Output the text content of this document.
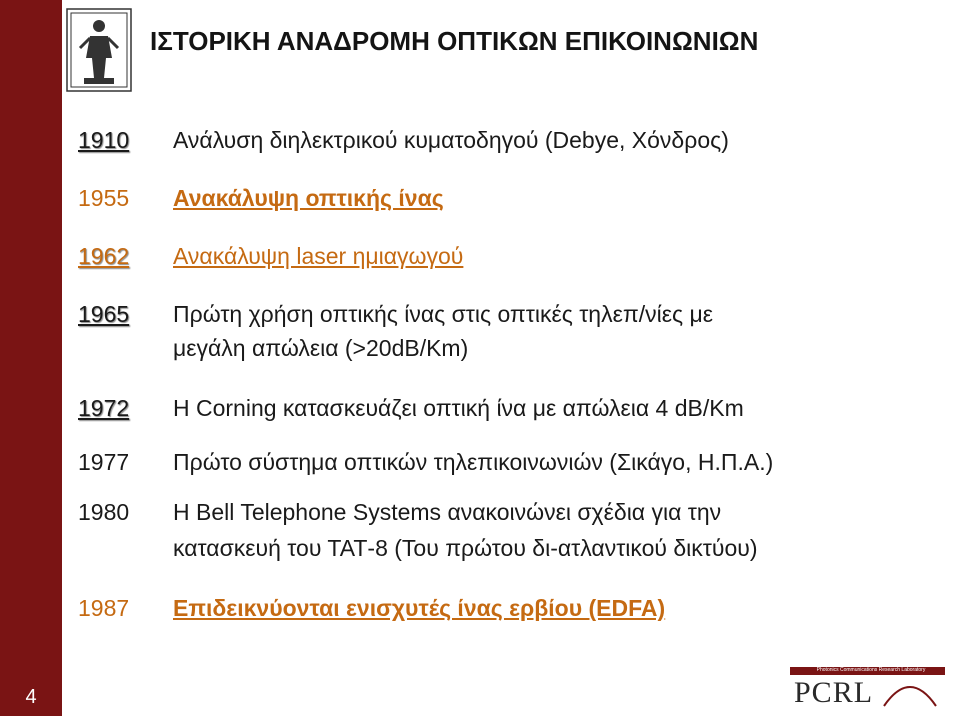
4
ΙΣΤΟΡΙΚΗ ΑΝΑΔΡΟΜΗ ΟΠΤΙΚΩΝ ΕΠΙΚΟΙΝΩΝΙΩΝ
1910	Ανάλυση διηλεκτρικού κυματοδηγού (Debye, Χόνδρος)
1955	Ανακάλυψη οπτικής ίνας
1962	Ανακάλυψη laser ημιαγωγού
1965	Πρώτη χρήση οπτικής ίνας στις οπτικές τηλεπ/νίες με
μεγάλη απώλεια (>20dB/Km)
1972	Η Corning κατασκευάζει οπτική ίνα με απώλεια 4 dB/Km
1977	Πρώτο σύστημα οπτικών τηλεπικοινωνιών (Σικάγο, Η.Π.Α.)
1980	Η Bell Telephone Systems ανακοινώνει σχέδια για την
κατασκευή του ΤΑΤ-8 (Του πρώτου δι-ατλαντικού δικτύου)
1987	Επιδεικνύονται ενισχυτές ίνας ερβίου (EDFA)
Photonics Communications Research Laboratory
PCRL
